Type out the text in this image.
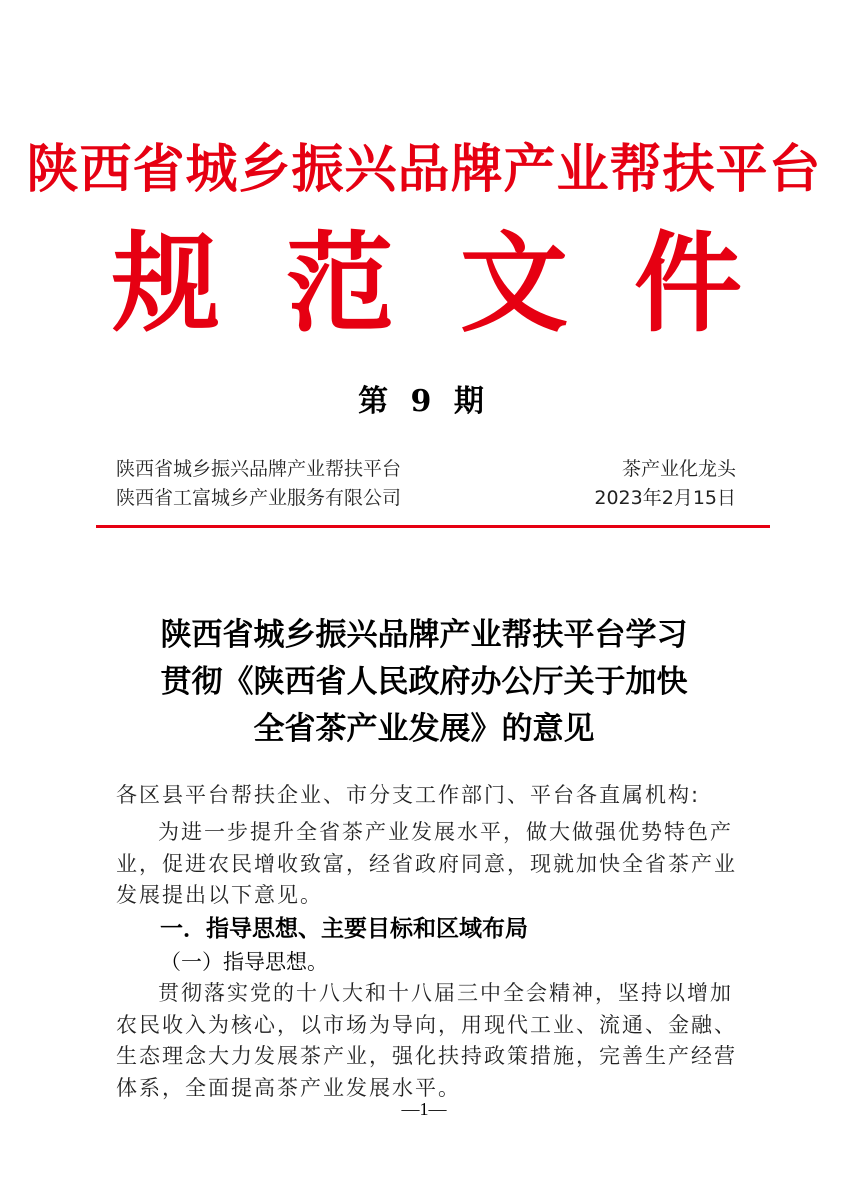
陕西省城乡振兴品牌产业帮扶平台
规 范 文 件
第 9 期
陕西省城乡振兴品牌产业帮扶平台	茶产业化龙头
陕西省工富城乡产业服务有限公司	2023年2月15日
陕西省城乡振兴品牌产业帮扶平台学习
贯彻《陕西省人民政府办公厅关于加快
全省茶产业发展》的意见
各区县平台帮扶企业、市分支工作部门、平台各直属机构:
为进一步提升全省茶产业发展水平，做大做强优势特色产业，促进农民增收致富，经省政府同意，现就加快全省茶产业发展提出以下意见。
一．指导思想、主要目标和区域布局
（一）指导思想。
贯彻落实党的十八大和十八届三中全会精神，坚持以增加农民收入为核心，以市场为导向，用现代工业、流通、金融、生态理念大力发展茶产业，强化扶持政策措施，完善生产经营体系，全面提高茶产业发展水平。
—1—
